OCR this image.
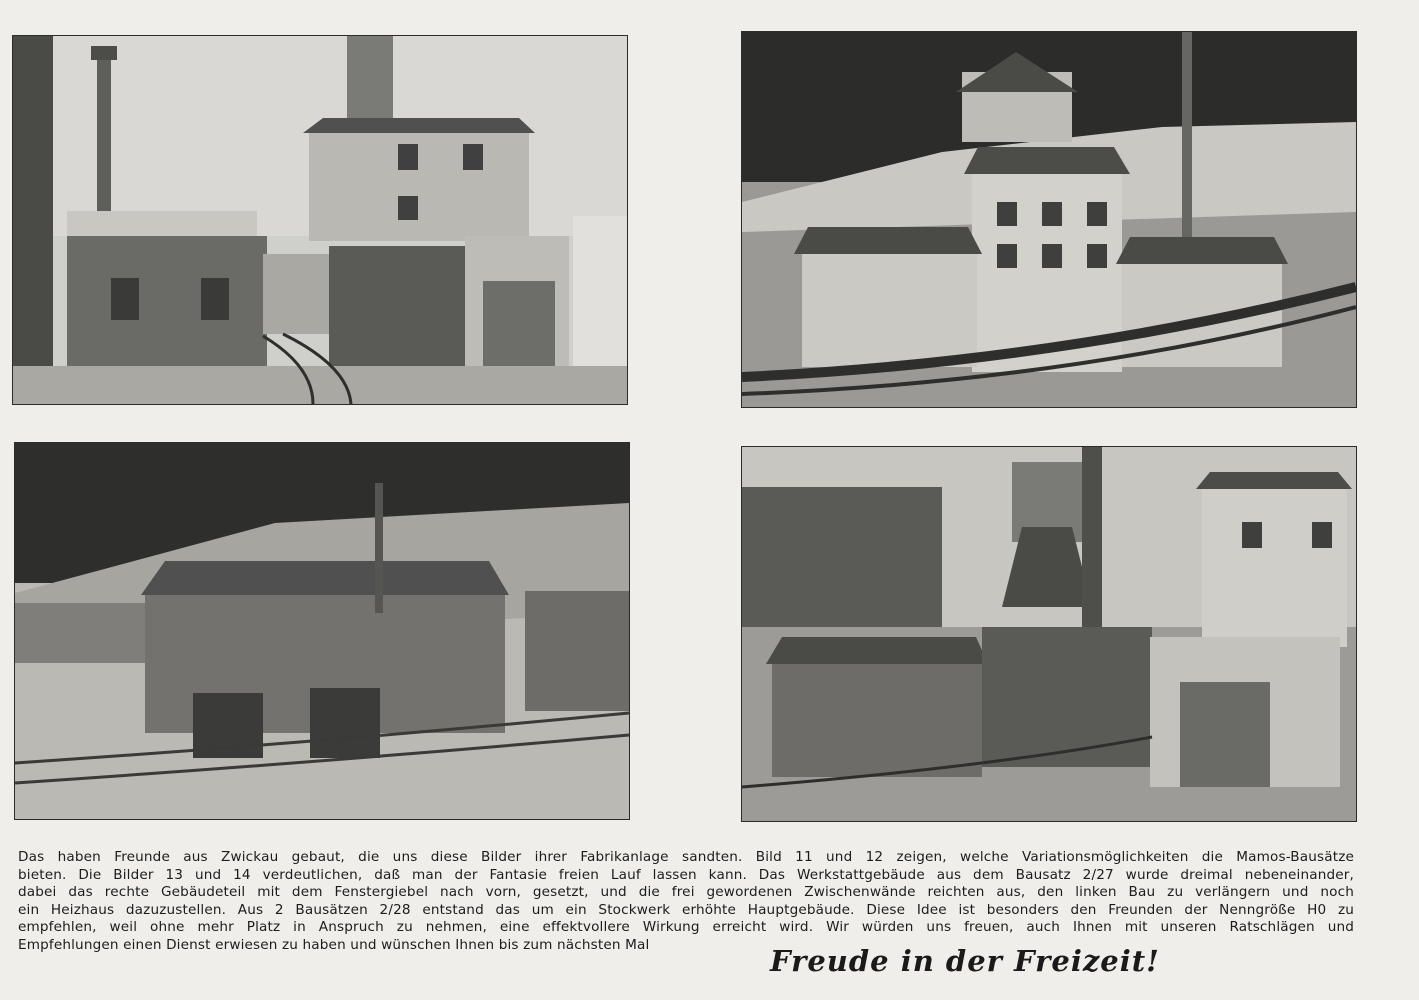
Das haben Freunde aus Zwickau gebaut, die uns diese Bilder ihrer Fabrikanlage sandten. Bild 11 und 12 zeigen, welche Variationsmöglichkeiten die Mamos-Bausätze
bieten. Die Bilder 13 und 14 verdeutlichen, daß man der Fantasie freien Lauf lassen kann. Das Werkstattgebäude aus dem Bausatz 2/27 wurde dreimal nebeneinander,
dabei das rechte Gebäudeteil mit dem Fenstergiebel nach vorn, gesetzt, und die frei gewordenen Zwischenwände reichten aus, den linken Bau zu verlängern und noch
ein Heizhaus dazuzustellen. Aus 2 Bausätzen 2/28 entstand das um ein Stockwerk erhöhte Hauptgebäude. Diese Idee ist besonders den Freunden der Nenngröße H0 zu
empfehlen, weil ohne mehr Platz in Anspruch zu nehmen, eine effektvollere Wirkung erreicht wird. Wir würden uns freuen, auch Ihnen mit unseren Ratschlägen und
Empfehlungen einen Dienst erwiesen zu haben und wünschen Ihnen bis zum nächsten Mal	Freude in der Freizeit!
